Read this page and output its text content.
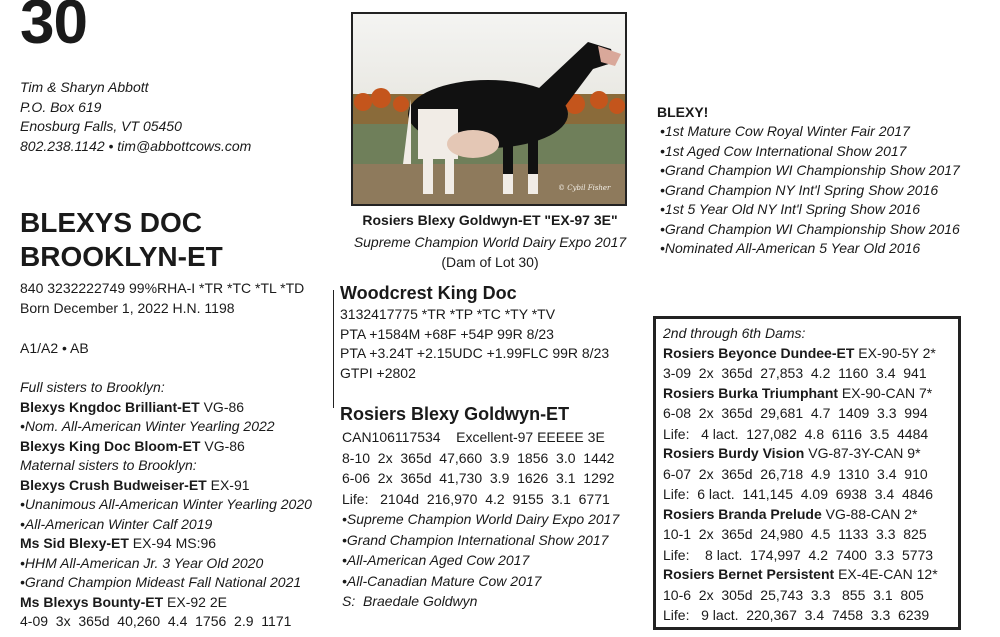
30
Tim & Sharyn Abbott
P.O. Box 619
Enosburg Falls, VT 05450
802.238.1142 • tim@abbottcows.com
BLEXYS DOC
BROOKLYN-ET
840 3232222749 99%RHA-I *TR *TC *TL *TD
Born December 1, 2022 H.N. 1198
A1/A2 • AB
Full sisters to Brooklyn:
Blexys Kngdoc Brilliant-ET VG-86
•Nom. All-American Winter Yearling 2022
Blexys King Doc Bloom-ET VG-86
Maternal sisters to Brooklyn:
Blexys Crush Budweiser-ET EX-91
•Unanimous All-American Winter Yearling 2020
•All-American Winter Calf 2019
Ms Sid Blexy-ET EX-94 MS:96
•HHM All-American Jr. 3 Year Old 2020
•Grand Champion Mideast Fall National 2021
Ms Blexys Bounty-ET EX-92 2E
4-09  3x  365d  40,260  4.4  1756  2.9  1171
© Cybil Fisher
Rosiers Blexy Goldwyn-ET "EX-97 3E"
Supreme Champion World Dairy Expo 2017
(Dam of Lot 30)
Woodcrest King Doc
3132417775 *TR *TP *TC *TY *TV
PTA +1584M +68F +54P 99R 8/23
PTA +3.24T +2.15UDC +1.99FLC 99R 8/23
GTPI +2802
Rosiers Blexy Goldwyn-ET
CAN106117534    Excellent-97 EEEEE 3E
8-10  2x  365d  47,660  3.9  1856  3.0  1442
6-06  2x  365d  41,730  3.9  1626  3.1  1292
Life:   2104d  216,970  4.2  9155  3.1  6771
•Supreme Champion World Dairy Expo 2017
•Grand Champion International Show 2017
•All-American Aged Cow 2017
•All-Canadian Mature Cow 2017
S:  Braedale Goldwyn
BLEXY!
•1st Mature Cow Royal Winter Fair 2017
•1st Aged Cow International Show 2017
•Grand Champion WI Championship Show 2017
•Grand Champion NY Int'l Spring Show 2016
•1st 5 Year Old NY Int'l Spring Show 2016
•Grand Champion WI Championship Show 2016
•Nominated All-American 5 Year Old 2016
2nd through 6th Dams:
Rosiers Beyonce Dundee-ET EX-90-5Y 2*
3-09  2x  365d  27,853  4.2  1160  3.4  941
Rosiers Burka Triumphant EX-90-CAN 7*
6-08  2x  365d  29,681  4.7  1409  3.3  994
Life:   4 lact.  127,082  4.8  6116  3.5  4484
Rosiers Burdy Vision VG-87-3Y-CAN 9*
6-07  2x  365d  26,718  4.9  1310  3.4  910
Life:  6 lact.  141,145  4.09  6938  3.4  4846
Rosiers Branda Prelude VG-88-CAN 2*
10-1  2x  365d  24,980  4.5  1133  3.3  825
Life:    8 lact.  174,997  4.2  7400  3.3  5773
Rosiers Bernet Persistent EX-4E-CAN 12*
10-6  2x  305d  25,743  3.3   855  3.1  805
Life:   9 lact.  220,367  3.4  7458  3.3  6239
